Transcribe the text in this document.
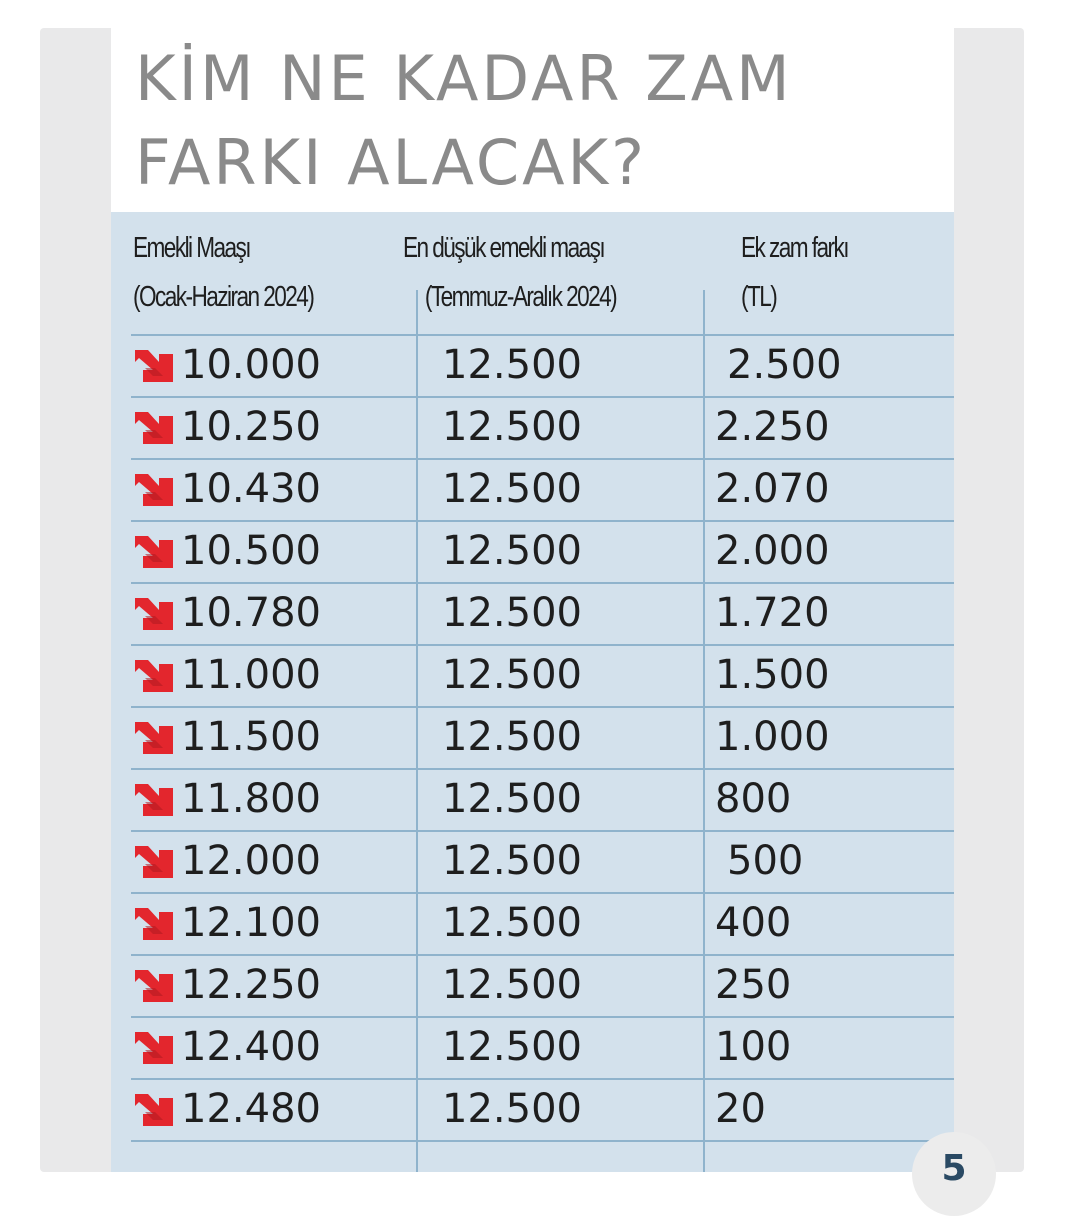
KİM NE KADAR ZAM
FARKI ALACAK?
Emekli Maaşı
(Ocak-Haziran 2024)
En düşük emekli maaşı
(Temmuz-Aralık 2024)
Ek zam farkı
(TL)
10.000	12.500	2.500
10.250	12.500	2.250
10.430	12.500	2.070
10.500	12.500	2.000
10.780	12.500	1.720
11.000	12.500	1.500
11.500	12.500	1.000
11.800	12.500	800
12.000	12.500	500
12.100	12.500	400
12.250	12.500	250
12.400	12.500	100
12.480	12.500	20
5
